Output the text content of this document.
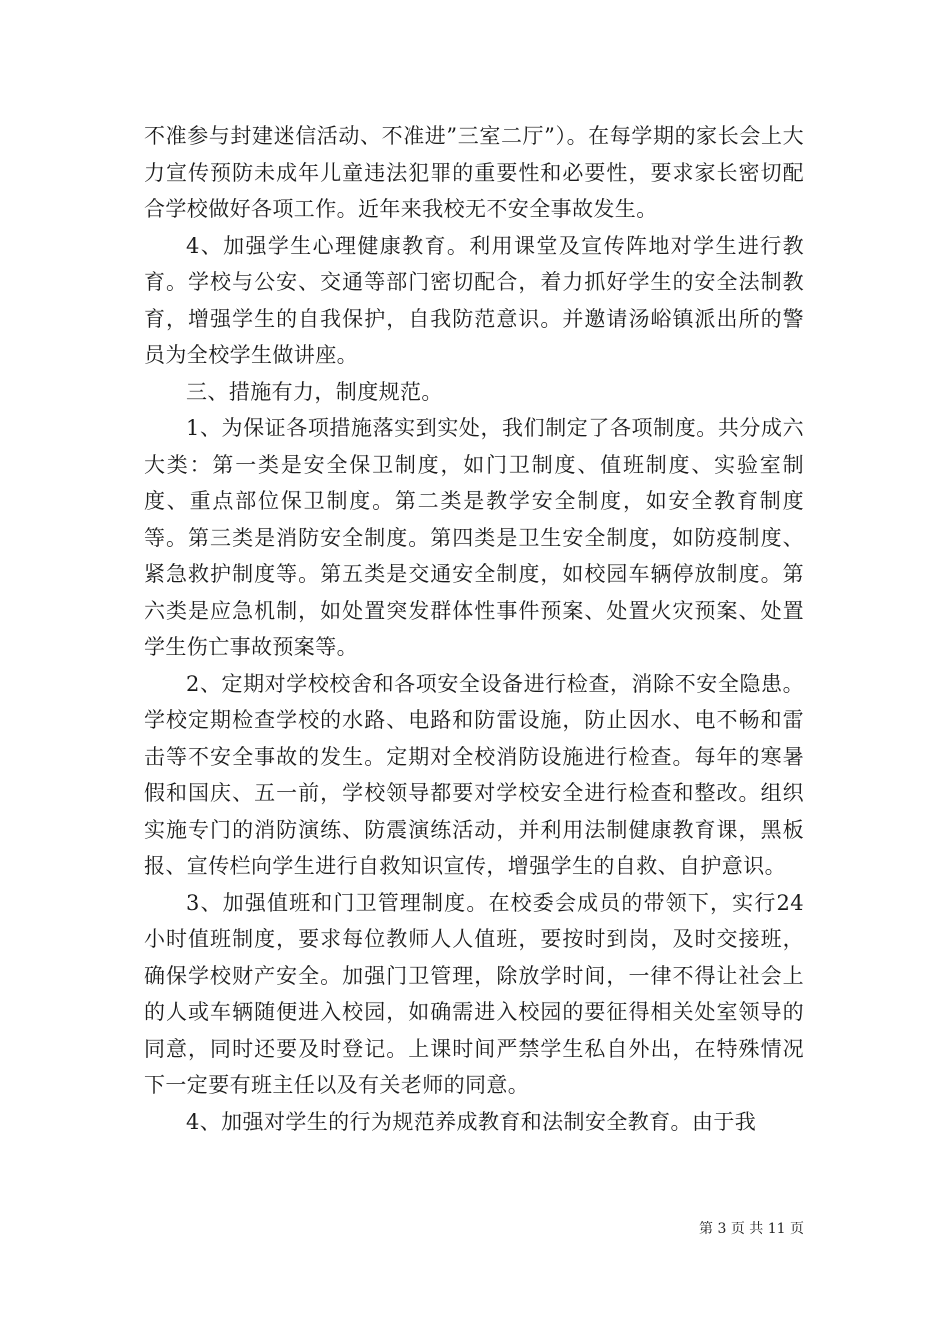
不准参与封建迷信活动、不准进”三室二厅”）。在每学期的家长会上大力宣传预防未成年儿童违法犯罪的重要性和必要性，要求家长密切配合学校做好各项工作。近年来我校无不安全事故发生。

4、加强学生心理健康教育。利用课堂及宣传阵地对学生进行教育。学校与公安、交通等部门密切配合，着力抓好学生的安全法制教育，增强学生的自我保护，自我防范意识。并邀请汤峪镇派出所的警员为全校学生做讲座。

三、措施有力，制度规范。

1、为保证各项措施落实到实处，我们制定了各项制度。共分成六大类：第一类是安全保卫制度，如门卫制度、值班制度、实验室制度、重点部位保卫制度。第二类是教学安全制度，如安全教育制度等。第三类是消防安全制度。第四类是卫生安全制度，如防疫制度、紧急救护制度等。第五类是交通安全制度，如校园车辆停放制度。第六类是应急机制，如处置突发群体性事件预案、处置火灾预案、处置学生伤亡事故预案等。

2、定期对学校校舍和各项安全设备进行检查，消除不安全隐患。学校定期检查学校的水路、电路和防雷设施，防止因水、电不畅和雷击等不安全事故的发生。定期对全校消防设施进行检查。每年的寒暑假和国庆、五一前，学校领导都要对学校安全进行检查和整改。组织实施专门的消防演练、防震演练活动，并利用法制健康教育课，黑板报、宣传栏向学生进行自救知识宣传，增强学生的自救、自护意识。

3、加强值班和门卫管理制度。在校委会成员的带领下，实行24小时值班制度，要求每位教师人人值班，要按时到岗，及时交接班，确保学校财产安全。加强门卫管理，除放学时间，一律不得让社会上的人或车辆随便进入校园，如确需进入校园的要征得相关处室领导的同意，同时还要及时登记。上课时间严禁学生私自外出，在特殊情况下一定要有班主任以及有关老师的同意。

4、加强对学生的行为规范养成教育和法制安全教育。由于我

第 3 页 共 11 页
